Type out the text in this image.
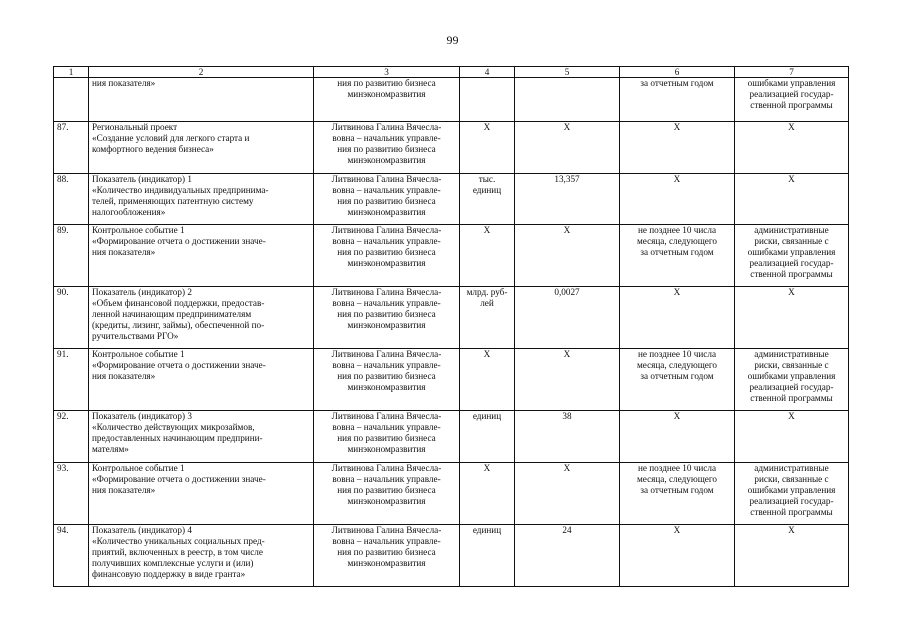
99
1	2	3	4	5	6	7
	ния показателя»	ния по развитию бизнеса
минэкономразвития			за отчетным годом	ошибками управления
реализацией государ-
ственной программы
87.	Региональный проект
«Создание условий для легкого старта и
комфортного ведения бизнеса»	Литвинова Галина Вячесла-
вовна – начальник управле-
ния по развитию бизнеса
минэкономразвития	Х	Х	Х	Х
88.	Показатель (индикатор) 1
«Количество индивидуальных предпринима-
телей, применяющих патентную систему
налогообложения»	Литвинова Галина Вячесла-
вовна – начальник управле-
ния по развитию бизнеса
минэкономразвития	тыс.
единиц	13,357	Х	Х
89.	Контрольное событие 1
«Формирование отчета о достижении значе-
ния показателя»	Литвинова Галина Вячесла-
вовна – начальник управле-
ния по развитию бизнеса
минэкономразвития	Х	Х	не позднее 10 числа
месяца, следующего
за отчетным годом	административные
риски, связанные с
ошибками управления
реализацией государ-
ственной программы
90.	Показатель (индикатор) 2
«Объем финансовой поддержки, предостав-
ленной начинающим предпринимателям
(кредиты, лизинг, займы), обеспеченной по-
ручительствами РГО»	Литвинова Галина Вячесла-
вовна – начальник управле-
ния по развитию бизнеса
минэкономразвития	млрд. руб-
лей	0,0027	Х	Х
91.	Контрольное событие 1
«Формирование отчета о достижении значе-
ния показателя»	Литвинова Галина Вячесла-
вовна – начальник управле-
ния по развитию бизнеса
минэкономразвития	Х	Х	не позднее 10 числа
месяца, следующего
за отчетным годом	административные
риски, связанные с
ошибками управления
реализацией государ-
ственной программы
92.	Показатель (индикатор) 3
«Количество действующих микрозаймов,
предоставленных начинающим предприни-
мателям»	Литвинова Галина Вячесла-
вовна – начальник управле-
ния по развитию бизнеса
минэкономразвития	единиц	38	Х	Х
93.	Контрольное событие 1
«Формирование отчета о достижении значе-
ния показателя»	Литвинова Галина Вячесла-
вовна – начальник управле-
ния по развитию бизнеса
минэкономразвития	Х	Х	не позднее 10 числа
месяца, следующего
за отчетным годом	административные
риски, связанные с
ошибками управления
реализацией государ-
ственной программы
94.	Показатель (индикатор) 4
«Количество уникальных социальных пред-
приятий, включенных в реестр, в том числе
получивших комплексные услуги и (или)
финансовую поддержку в виде гранта»	Литвинова Галина Вячесла-
вовна – начальник управле-
ния по развитию бизнеса
минэкономразвития	единиц	24	Х	Х
